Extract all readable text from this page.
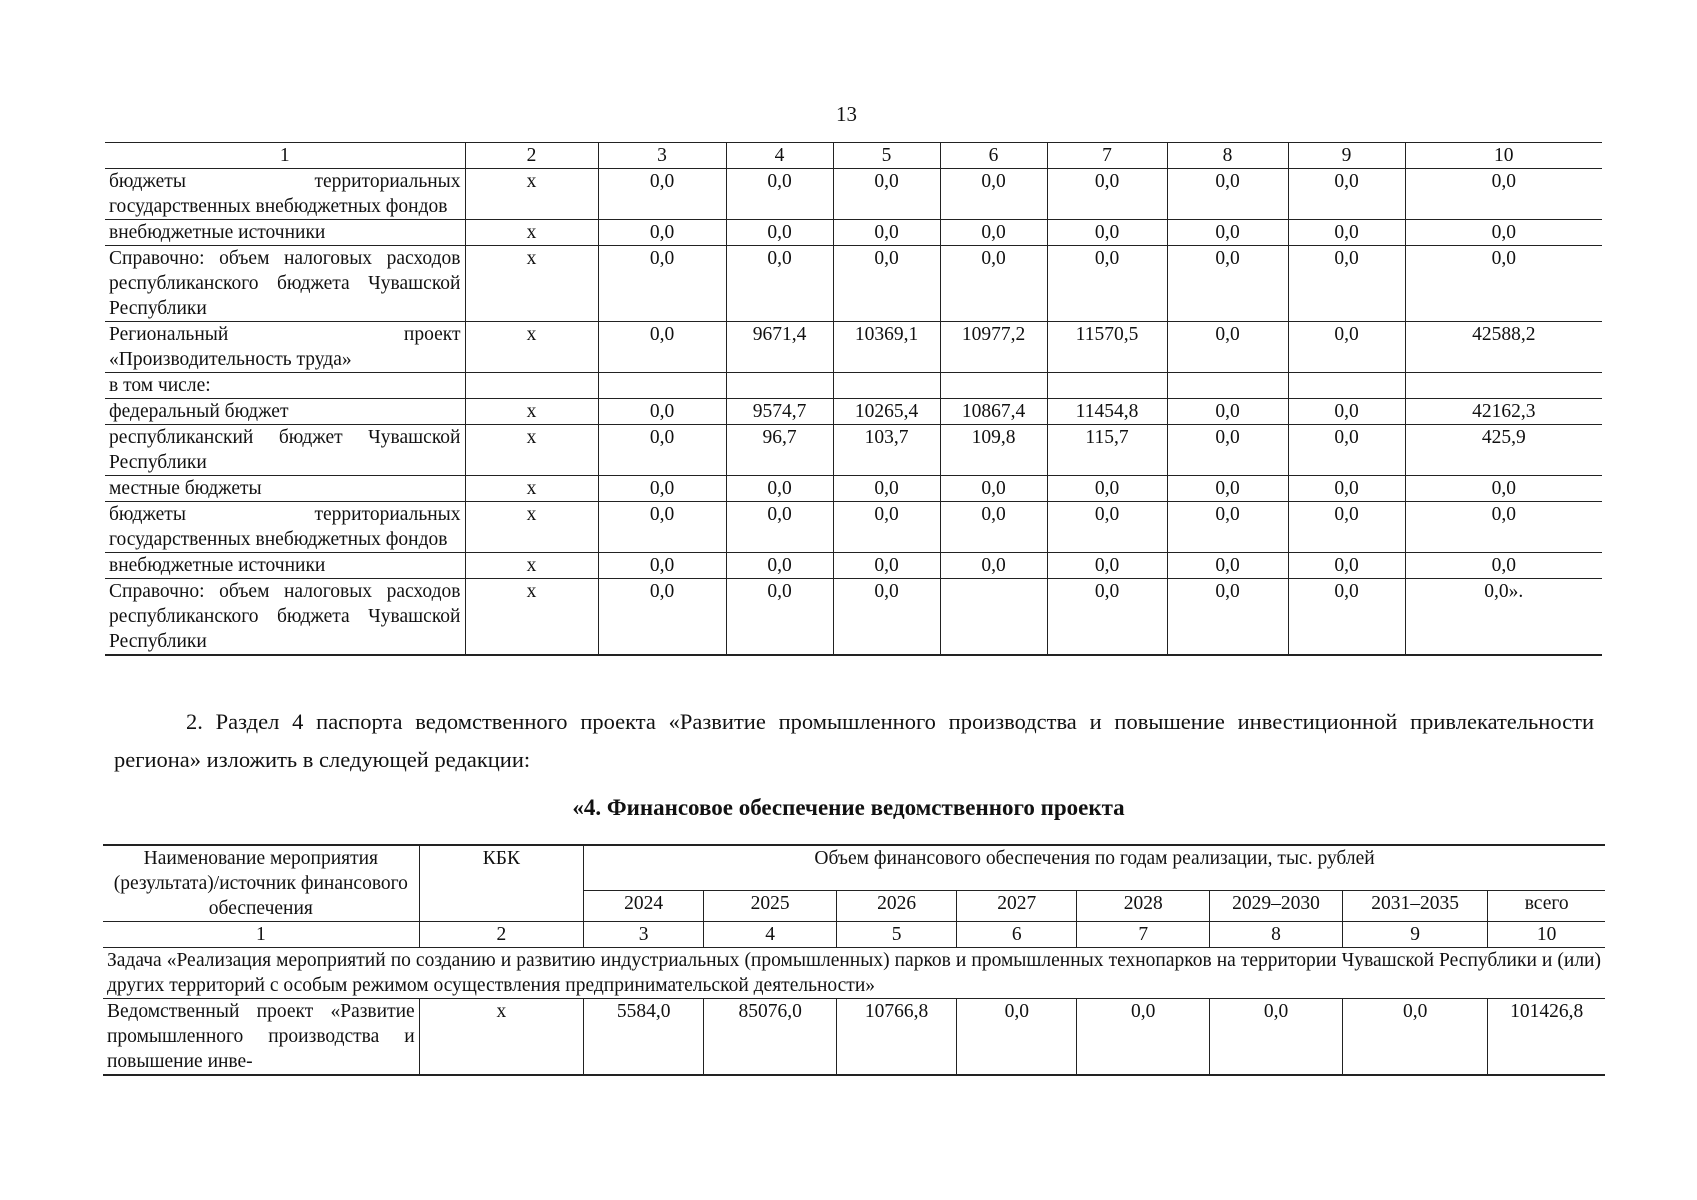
13
1	2	3	4	5	6	7	8	9	10
бюджеты территориальных государственных внебюджетных фондов	x	0,0	0,0	0,0	0,0	0,0	0,0	0,0	0,0
внебюджетные источники	x	0,0	0,0	0,0	0,0	0,0	0,0	0,0	0,0
Справочно: объем налоговых расходов республиканского бюджета Чувашской Республики	x	0,0	0,0	0,0	0,0	0,0	0,0	0,0	0,0
Региональный проект «Производительность труда»	x	0,0	9671,4	10369,1	10977,2	11570,5	0,0	0,0	42588,2
в том числе:									
федеральный бюджет	x	0,0	9574,7	10265,4	10867,4	11454,8	0,0	0,0	42162,3
республиканский бюджет Чувашской Республики	x	0,0	96,7	103,7	109,8	115,7	0,0	0,0	425,9
местные бюджеты	x	0,0	0,0	0,0	0,0	0,0	0,0	0,0	0,0
бюджеты территориальных государственных внебюджетных фондов	x	0,0	0,0	0,0	0,0	0,0	0,0	0,0	0,0
внебюджетные источники	x	0,0	0,0	0,0	0,0	0,0	0,0	0,0	0,0
Справочно: объем налоговых расходов республиканского бюджета Чувашской Республики	x	0,0	0,0	0,0		0,0	0,0	0,0	0,0».
2. Раздел 4 паспорта ведомственного проекта «Развитие промышленного производства и повышение инвестиционной привлекательности региона» изложить в следующей редакции:
«4. Финансовое обеспечение ведомственного проекта
Наименование мероприятия (результата)/источник финансового обеспечения	КБК	Объем финансового обеспечения по годам реализации, тыс. рублей							
		2024	2025	2026	2027	2028	2029–2030	2031–2035	всего
1	2	3	4	5	6	7	8	9	10
Задача «Реализация мероприятий по созданию и развитию индустриальных (промышленных) парков и промышленных технопарков на территории Чувашской Республики и (или) других территорий с особым режимом осуществления предпринимательской деятельности»									
Ведомственный проект «Развитие промышленного производства и повышение инве-	x	5584,0	85076,0	10766,8	0,0	0,0	0,0	0,0	101426,8
